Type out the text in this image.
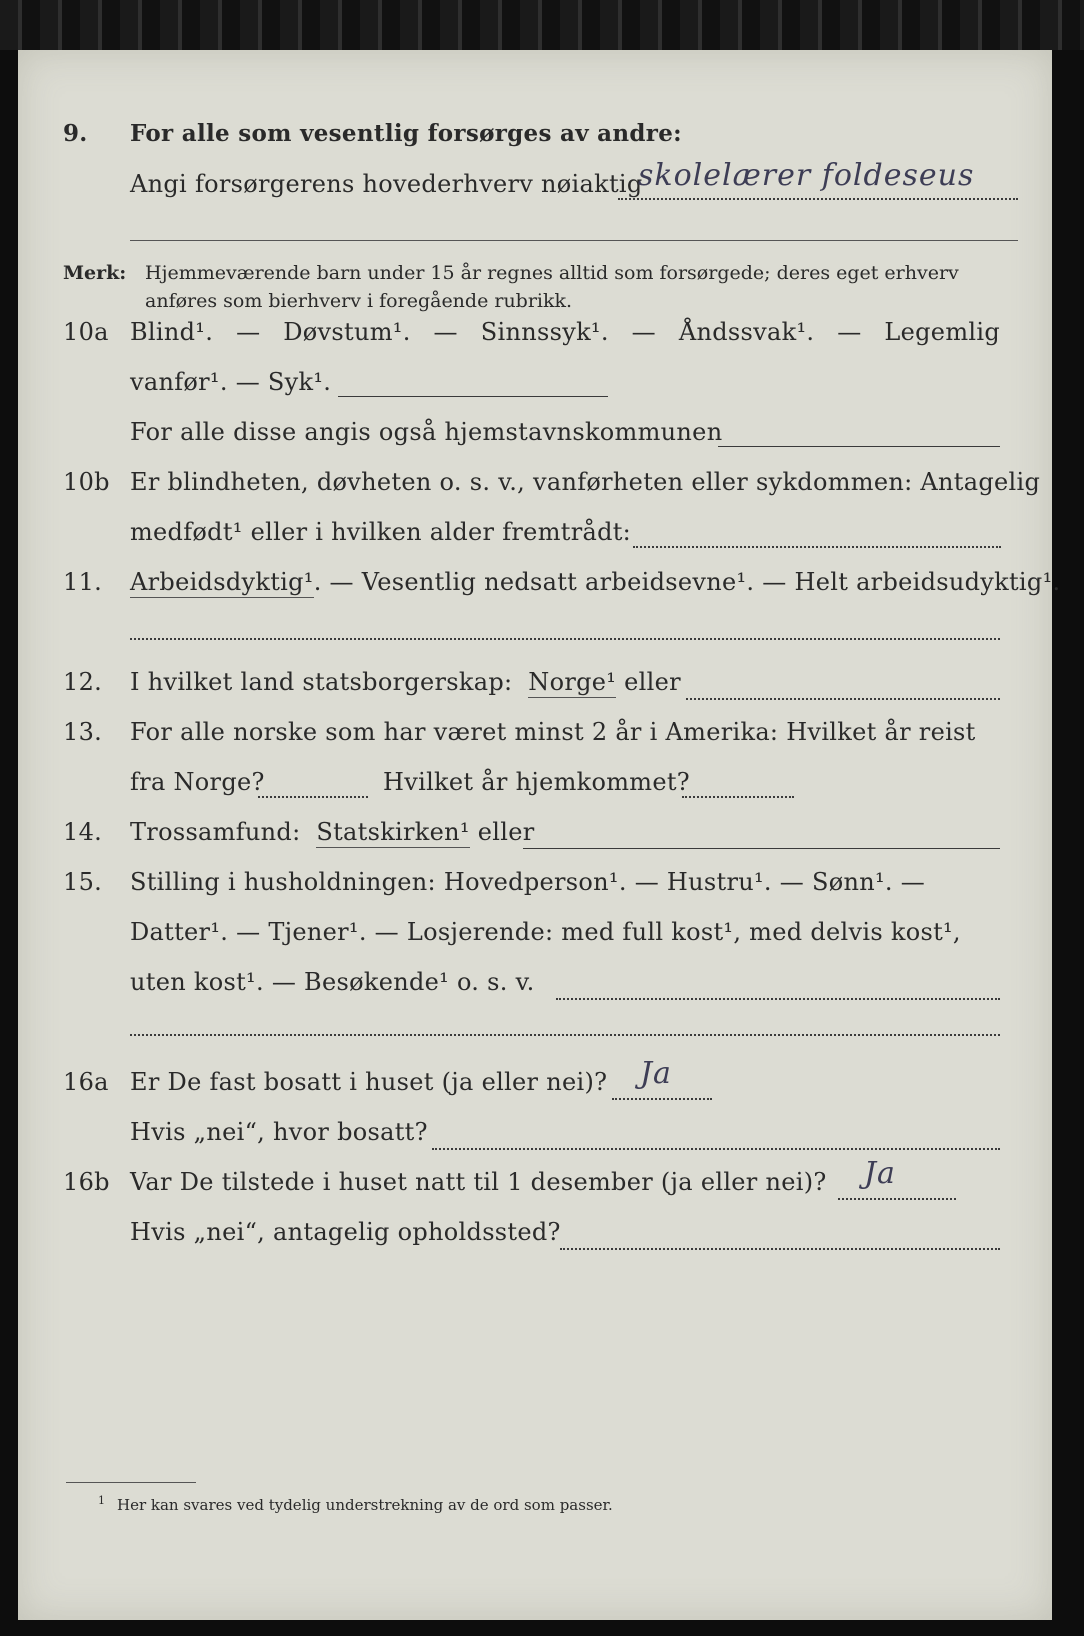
9. For alle som vesentlig forsørges av andre:
Angi forsørgerens hovederhverv nøiaktig
skolelærer foldeseus
Merk: Hjemmeværende barn under 15 år regnes alltid som forsørgede; deres eget erhverv
anføres som bierhverv i foregående rubrikk.
10a Blind¹. — Døvstum¹. — Sinnssyk¹. — Åndssvak¹. — Legemlig
vanfør¹. — Syk¹.
For alle disse angis også hjemstavnskommunen
10b Er blindheten, døvheten o. s. v., vanførheten eller sykdommen: Antagelig
medfødt¹ eller i hvilken alder fremtrådt:
11. Arbeidsdyktig¹. — Vesentlig nedsatt arbeidsevne¹. — Helt arbeidsudyktig¹.
12. I hvilket land statsborgerskap: Norge¹ eller
13. For alle norske som har været minst 2 år i Amerika: Hvilket år reist
fra Norge?	Hvilket år hjemkommet?
14. Trossamfund: Statskirken¹ eller
15. Stilling i husholdningen: Hovedperson¹. — Hustru¹. — Sønn¹. —
Datter¹. — Tjener¹. — Losjerende: med full kost¹, med delvis kost¹,
uten kost¹. — Besøkende¹ o. s. v.
16a Er De fast bosatt i huset (ja eller nei)? Ja
Hvis „nei“, hvor bosatt?
16b Var De tilstede i huset natt til 1 desember (ja eller nei)? Ja
Hvis „nei“, antagelig opholdssted?
$^1$ Her kan svares ved tydelig understrekning av de ord som passer.
